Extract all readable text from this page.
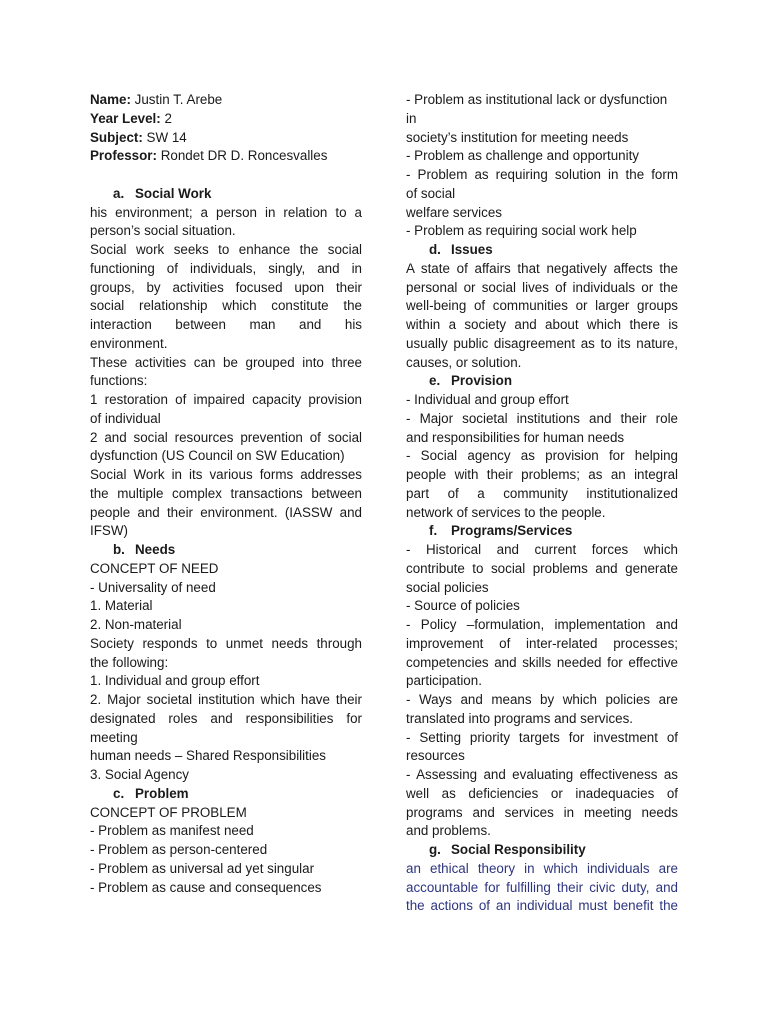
Name: Justin T. Arebe
Year Level: 2
Subject: SW 14
Professor: Rondet DR D. Roncesvalles

a. Social Work
his environment; a person in relation to a
person’s social situation.
Social work seeks to enhance the social
functioning of individuals, singly, and in
groups, by activities focused upon their
social relationship which constitute the
interaction between man and his
environment.
These activities can be grouped into three
functions:
1 restoration of impaired capacity provision
of individual
2 and social resources prevention of social
dysfunction (US Council on SW Education)
Social Work in its various forms addresses
the multiple complex transactions between
people and their environment. (IASSW and
IFSW)
b. Needs
CONCEPT OF NEED
- Universality of need
1. Material
2. Non-material
Society responds to unmet needs through
the following:
1. Individual and group effort
2. Major societal institution which have their
designated roles and responsibilities for
meeting
human needs – Shared Responsibilities
3. Social Agency
c. Problem
CONCEPT OF PROBLEM
- Problem as manifest need
- Problem as person-centered
- Problem as universal ad yet singular
- Problem as cause and consequences
- Problem as institutional lack or dysfunction
in
society’s institution for meeting needs
- Problem as challenge and opportunity
- Problem as requiring solution in the form
of social
welfare services
- Problem as requiring social work help
d. Issues
A state of affairs that negatively affects the
personal or social lives of individuals or the
well-being of communities or larger groups
within a society and about which there is
usually public disagreement as to its nature,
causes, or solution.
e. Provision
- Individual and group effort
- Major societal institutions and their role
and responsibilities for human needs
- Social agency as provision for helping
people with their problems; as an integral
part of a community institutionalized
network of services to the people.
f. Programs/Services
- Historical and current forces which
contribute to social problems and generate
social policies
- Source of policies
- Policy –formulation, implementation and
improvement of inter-related processes;
competencies and skills needed for effective
participation.
- Ways and means by which policies are
translated into programs and services.
- Setting priority targets for investment of
resources
- Assessing and evaluating effectiveness as
well as deficiencies or inadequacies of
programs and services in meeting needs
and problems.
g. Social Responsibility
an ethical theory in which individuals are
accountable for fulfilling their civic duty, and
the actions of an individual must benefit the
